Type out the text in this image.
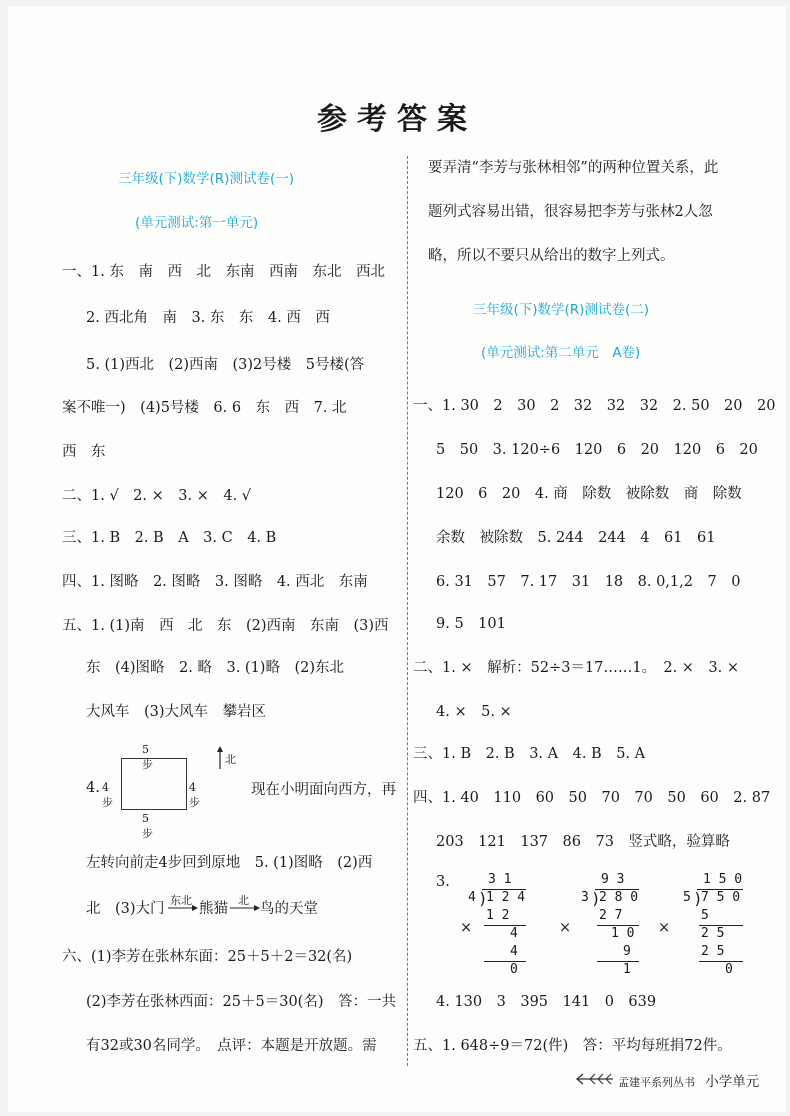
参考答案
三年级(下)数学(R)测试卷(一)
(单元测试:第一单元)
一、1. 东　南　西　北　东南　西南　东北　西北
2. 西北角　南　3. 东　东　4. 西　西
5. (1)西北　(2)西南　(3)2号楼　5号楼(答
案不唯一)　(4)5号楼　6. 6　东　西　7. 北
西　东
二、1. √　2. ×　3. ×　4. √
三、1. B　2. B　A　3. C　4. B
四、1. 图略　2. 图略　3. 图略　4. 西北　东南
五、1. (1)南　西　北　东　(2)西南　东南　(3)西
东　(4)图略　2. 略　3. (1)略　(2)东北
大风车　(3)大风车　攀岩区
4. 4步
5步
5步
4步
北
现在小明面向西方，再
左转向前走4步回到原地　5. (1)图略　(2)西
北　(3)大门
东北
熊猫
北
鸟的天堂
六、(1)李芳在张林东面：25＋5＋2＝32(名)
(2)李芳在张林西面：25＋5＝30(名)　答：一共
有32或30名同学。　点评：本题是开放题。需
要弄清“李芳与张林相邻”的两种位置关系，此
题列式容易出错，很容易把李芳与张林2人忽
略，所以不要只从给出的数字上列式。
三年级(下)数学(R)测试卷(二)
(单元测试:第二单元　A卷)
一、1. 30　2　30　2　32　32　32　2. 50　20　20
5　50　3. 120÷6　120　6　20　120　6　20
120　6　20　4. 商　除数　被除数　商　除数
余数　被除数　5. 244　244　4　61　61
6. 31　57　7. 17　31　18　8. 0,1,2　7　0
9. 5　101
二、1. ×　解析：52÷3＝17……1。　2. ×　3. ×
4. ×　5. ×
三、1. B　2. B　3. A　4. B　5. A
四、1. 40　110　60　50　70　70　50　60　2. 87
203　121　137　86　73　竖式略，验算略
3.	3 1
4 )
1 2 4
1 2
4
4
0
×
9 3
3 )
2 8 0
2 7
1 0
9
1
×
1 5 0
5 )
7 5 0
5
2 5
2 5
0
×
4. 130　3　395　141　0　639
五、1. 648÷9＝72(件)　答：平均每班捐72件。
孟建平系列丛书 小学单元
